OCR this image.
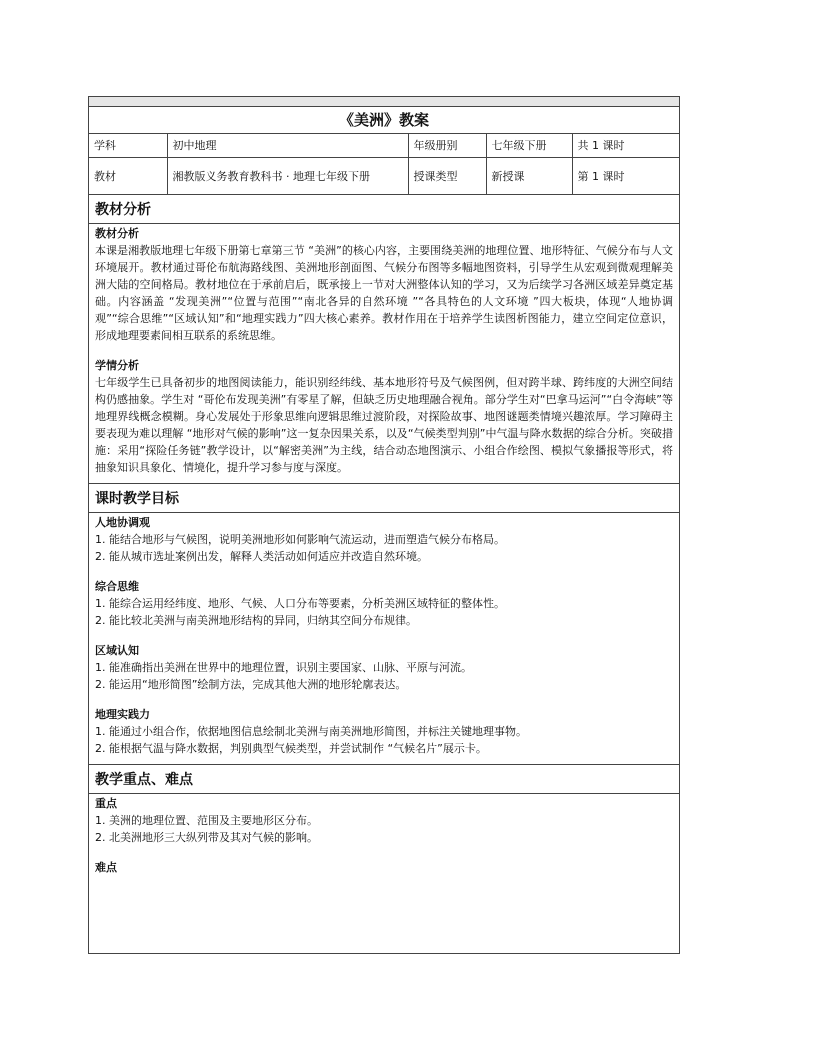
《美洲》教案
学科	初中地理	年级册别	七年级下册	共 1 课时
教材	湘教版义务教育教科书 · 地理七年级下册	授课类型	新授课	第 1 课时
教材分析
教材分析
本课是湘教版地理七年级下册第七章第三节 “美洲”的核心内容，主要围绕美洲的地理位置、地形特征、气候分布与人文环境展开。教材通过哥伦布航海路线图、美洲地形剖面图、气候分布图等多幅地图资料，引导学生从宏观到微观理解美洲大陆的空间格局。教材地位在于承前启后，既承接上一节对大洲整体认知的学习，又为后续学习各洲区域差异奠定基础。内容涵盖 “发现美洲”“位置与范围”“南北各异的自然环境 ”“各具特色的人文环境 ”四大板块，体现“人地协调观”“综合思维”“区域认知”和“地理实践力”四大核心素养。教材作用在于培养学生读图析图能力，建立空间定位意识，形成地理要素间相互联系的系统思维。
学情分析
七年级学生已具备初步的地图阅读能力，能识别经纬线、基本地形符号及气候图例，但对跨半球、跨纬度的大洲空间结构仍感抽象。学生对 “哥伦布发现美洲”有零星了解，但缺乏历史地理融合视角。部分学生对“巴拿马运河”“白令海峡”等地理界线概念模糊。身心发展处于形象思维向逻辑思维过渡阶段，对探险故事、地图谜题类情境兴趣浓厚。学习障碍主要表现为难以理解 “地形对气候的影响”这一复杂因果关系，以及“气候类型判别”中气温与降水数据的综合分析。突破措施：采用“探险任务链”教学设计，以“解密美洲”为主线，结合动态地图演示、小组合作绘图、模拟气象播报等形式，将抽象知识具象化、情境化，提升学习参与度与深度。
课时教学目标
人地协调观
1. 能结合地形与气候图，说明美洲地形如何影响气流运动，进而塑造气候分布格局。
2. 能从城市选址案例出发，解释人类活动如何适应并改造自然环境。
综合思维
1. 能综合运用经纬度、地形、气候、人口分布等要素，分析美洲区域特征的整体性。
2. 能比较北美洲与南美洲地形结构的异同，归纳其空间分布规律。
区域认知
1. 能准确指出美洲在世界中的地理位置，识别主要国家、山脉、平原与河流。
2. 能运用“地形简图”绘制方法，完成其他大洲的地形轮廓表达。
地理实践力
1. 能通过小组合作，依据地图信息绘制北美洲与南美洲地形简图，并标注关键地理事物。
2. 能根据气温与降水数据，判别典型气候类型，并尝试制作 “气候名片”展示卡。
教学重点、难点
重点
1. 美洲的地理位置、范围及主要地形区分布。
2. 北美洲地形三大纵列带及其对气候的影响。
难点
